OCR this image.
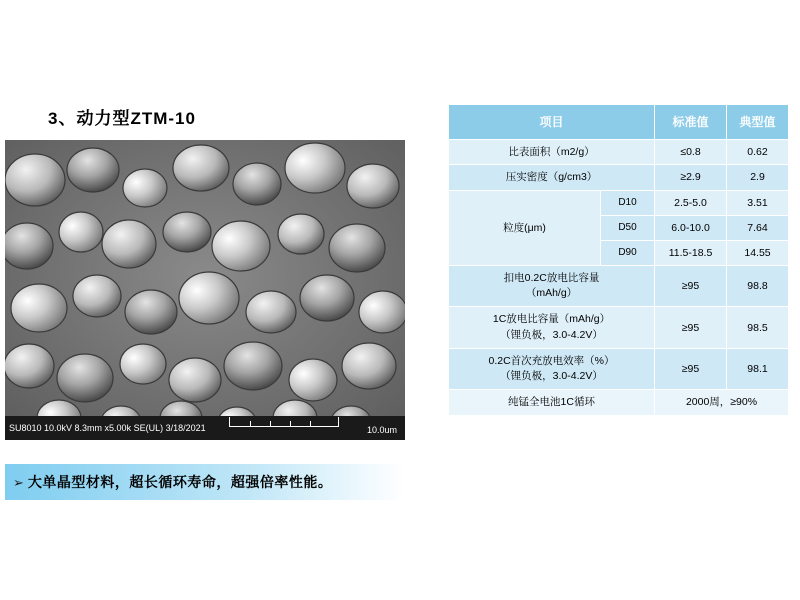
3、动力型ZTM-10
SU8010 10.0kV 8.3mm x5.00k SE(UL) 3/18/2021	10.0um
➢ 大单晶型材料，超长循环寿命，超强倍率性能。
项目		标准值	典型值
比表面积（m2/g）		≤0.8	0.62
压实密度（g/cm3）		≥2.9	2.9
粒度(μm)	D10	2.5-5.0	3.51
	D50	6.0-10.0	7.64
	D90	11.5-18.5	14.55

扣电0.2C放电比容量
（mAh/g）		≥95	98.8

1C放电比容量（mAh/g）
（锂负极，3.0-4.2V）		≥95	98.5

0.2C首次充放电效率（%）
（锂负极，3.0-4.2V）		≥95	98.1
纯锰全电池1C循环		2000周，≥90%	
